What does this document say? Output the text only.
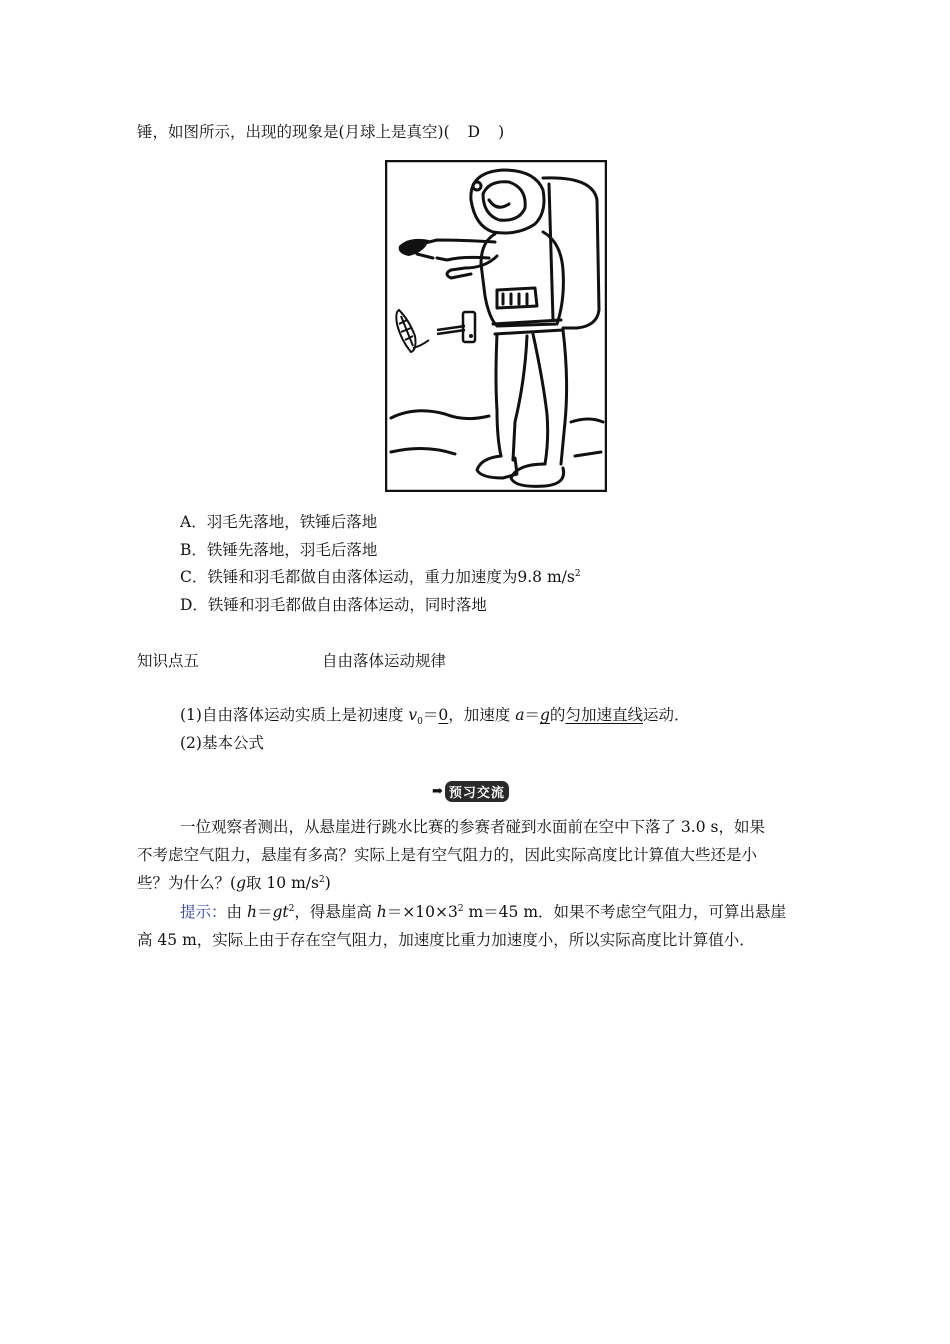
锤，如图所示，出现的现象是(月球上是真空)( D )
A．羽毛先落地，铁锤后落地
B．铁锤先落地，羽毛后落地
C．铁锤和羽毛都做自由落体运动，重力加速度为9.8 $m/s^2$
D．铁锤和羽毛都做自由落体运动，同时落地
知识点五	自由落体运动规律
(1)自由落体运动实质上是初速度 $v_0=0$，加速度 a＝g的匀加速直线运动．
(2)基本公式
➡ 预习交流
一位观察者测出，从悬崖进行跳水比赛的参赛者碰到水面前在空中下落了 3.0 s，如果
不考虑空气阻力，悬崖有多高？实际上是有空气阻力的，因此实际高度比计算值大些还是小
些？为什么？(g取 10 $m/s^2$)
提示：由 $h=gt^2$，得悬崖高 $h=\times 10\times 3^2$ m＝45 m．如果不考虑空气阻力，可算出悬崖
高 45 m，实际上由于存在空气阻力，加速度比重力加速度小，所以实际高度比计算值小．
